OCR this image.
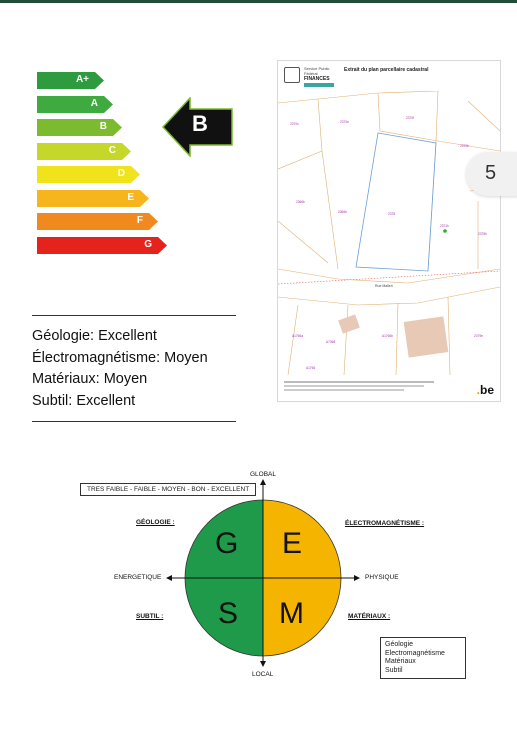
A+
A
B
C
D
E
F
G
B
Service Public
Fédéral
FINANCES
Extrait du plan parcellaire cadastral
Rue Mallen
2370c	2370e
2370f
2370b
2366k
2366b	2378
2371k
2378h
A1766a	A1766b
A7368
A1766
2379e
.be
5
Géologie: Excellent
Électromagnétisme: Moyen
Matériaux: Moyen
Subtil: Excellent
GLOBAL
LOCAL
ENERGETIQUE	PHYSIQUE
TRES FAIBLE - FAIBLE - MOYEN - BON - EXCELLENT
GÉOLOGIE :	ÉLECTROMAGNÉTISME :
SUBTIL :	MATÉRIAUX :
G E
S M
Géologie
Electromagnétisme
Matériaux
Subtil
